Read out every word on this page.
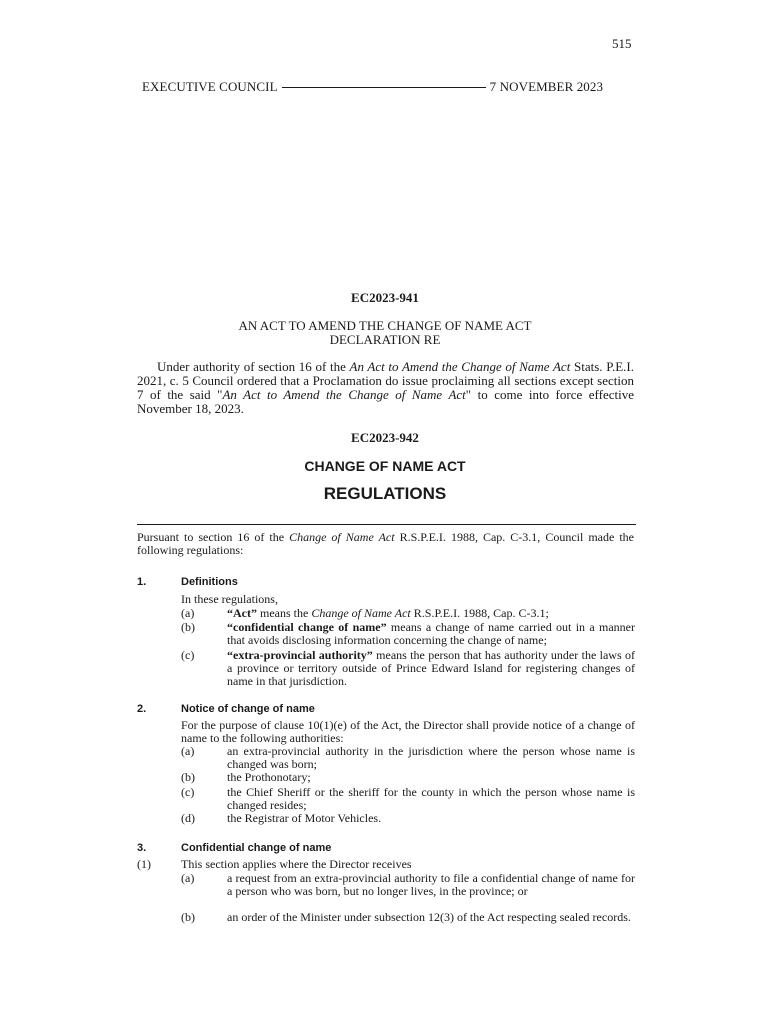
515
EXECUTIVE COUNCIL	7 NOVEMBER 2023
EC2023-941
AN ACT TO AMEND THE CHANGE OF NAME ACT
DECLARATION RE
Under authority of section 16 of the An Act to Amend the Change of Name Act Stats. P.E.I. 2021, c. 5 Council ordered that a Proclamation do issue proclaiming all sections except section 7 of the said "An Act to Amend the Change of Name Act" to come into force effective November 18, 2023.
EC2023-942
CHANGE OF NAME ACT
REGULATIONS
Pursuant to section 16 of the Change of Name Act R.S.P.E.I. 1988, Cap. C-3.1, Council made the following regulations:
1.	Definitions
In these regulations,
(a)	“Act” means the Change of Name Act R.S.P.E.I. 1988, Cap. C-3.1;
(b)	“confidential change of name” means a change of name carried out in a manner that avoids disclosing information concerning the change of name;
(c)	“extra-provincial authority” means the person that has authority under the laws of a province or territory outside of Prince Edward Island for registering changes of name in that jurisdiction.
2.	Notice of change of name
For the purpose of clause 10(1)(e) of the Act, the Director shall provide notice of a change of name to the following authorities:
(a)	an extra-provincial authority in the jurisdiction where the person whose name is changed was born;
(b)	the Prothonotary;
(c)	the Chief Sheriff or the sheriff for the county in which the person whose name is changed resides;
(d)	the Registrar of Motor Vehicles.
3.	Confidential change of name
(1)	This section applies where the Director receives
(a)	a request from an extra-provincial authority to file a confidential change of name for a person who was born, but no longer lives, in the province; or
(b)	an order of the Minister under subsection 12(3) of the Act respecting sealed records.
